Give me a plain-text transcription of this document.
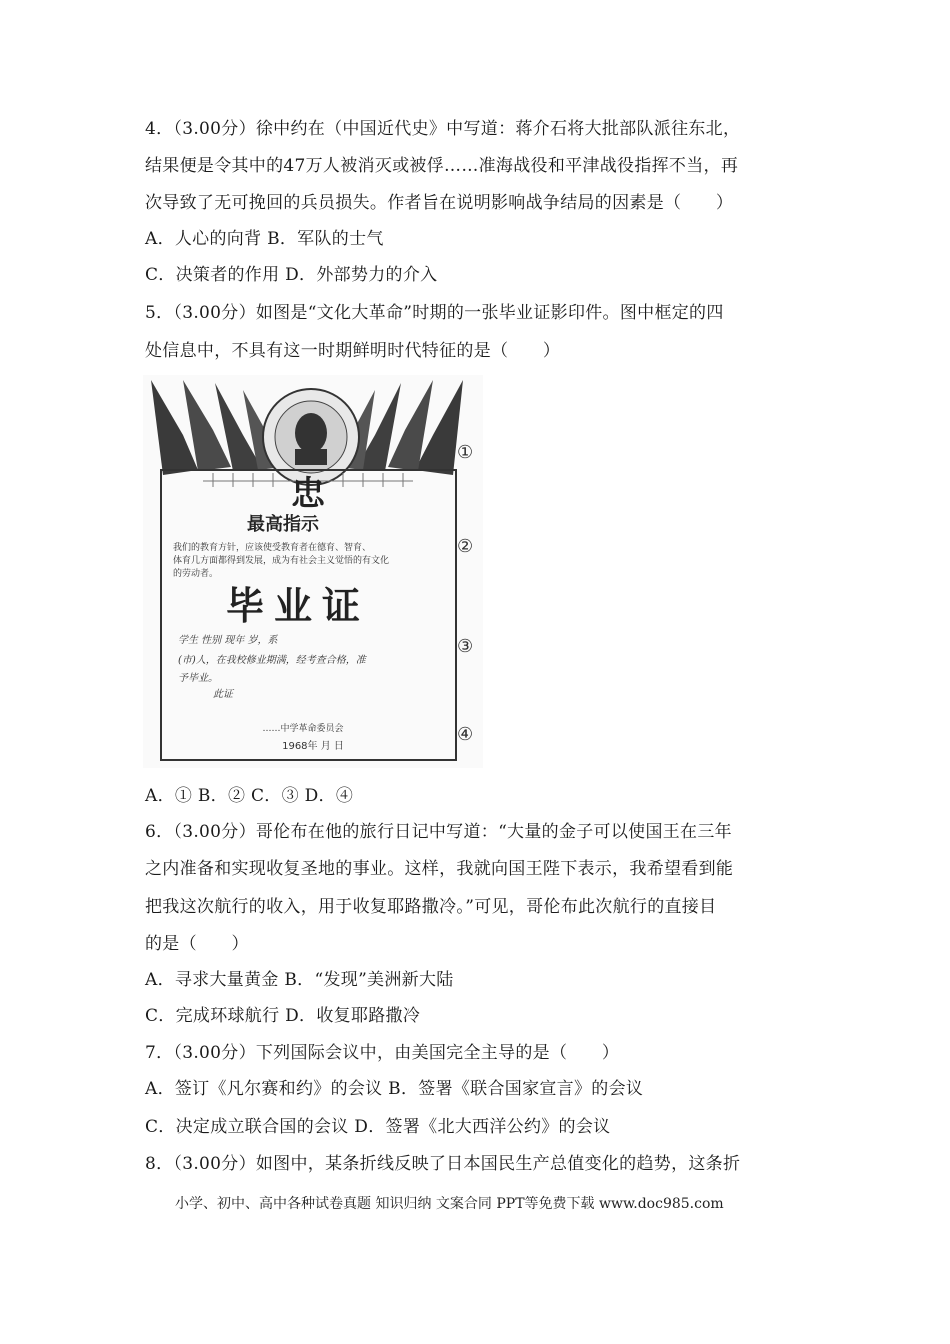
4．（3.00分）徐中约在（中国近代史》中写道：蒋介石将大批部队派往东北，
结果便是令其中的47万人被消灭或被俘……准海战役和平津战役指挥不当，再
次导致了无可挽回的兵员损失。作者旨在说明影响战争结局的因素是（　　）
A．人心的向背 B．军队的士气
C．决策者的作用 D．外部势力的介入
5．（3.00分）如图是“文化大革命”时期的一张毕业证影印件。图中框定的四
处信息中，不具有这一时期鲜明时代特征的是（　　）
忠
最高指示
我们的教育方针，应该使受教育者在德育、智育、
体育几方面都得到发展，成为有社会主义觉悟的有文化
的劳动者。
毕业证
学生 性别 现年 岁，系
(市)人，在我校修业期满，经考查合格，准
予毕业。
此证
……中学革命委员会
1968年 月 日
①
②
③
④
A．① B．② C．③ D．④
6．（3.00分）哥伦布在他的旅行日记中写道：“大量的金子可以使国王在三年
之内准备和实现收复圣地的事业。这样，我就向国王陛下表示，我希望看到能
把我这次航行的收入，用于收复耶路撒冷。”可见，哥伦布此次航行的直接目
的是（　　）
A．寻求大量黄金 B．“发现”美洲新大陆
C．完成环球航行 D．收复耶路撒冷
7．（3.00分）下列国际会议中，由美国完全主导的是（　　）
A．签订《凡尔赛和约》的会议 B．签署《联合国家宣言》的会议
C．决定成立联合国的会议 D．签署《北大西洋公约》的会议
8．（3.00分）如图中，某条折线反映了日本国民生产总值变化的趋势，这条折
小学、初中、高中各种试卷真题 知识归纳 文案合同 PPT等免费下载 www.doc985.com
